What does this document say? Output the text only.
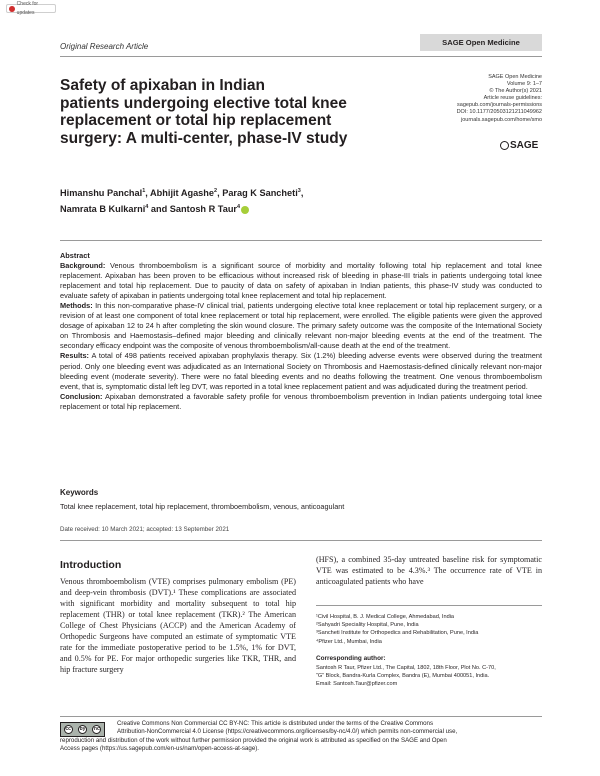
Check for updates
Original Research Article	SAGE Open Medicine
Safety of apixaban in Indian
patients undergoing elective total knee
replacement or total hip replacement
surgery: A multi-center, phase-IV study
SAGE Open Medicine
Volume 9: 1–7
© The Author(s) 2021
Article reuse guidelines:
sagepub.com/journals-permissions
DOI: 10.1177/20503121211049962
journals.sagepub.com/home/smo
SAGE
Himanshu Panchal$^1$, Abhijit Agashe$^2$, Parag K Sancheti$^3$,
Namrata B Kulkarni$^4$ and Santosh R Taur$^4$

Abstract

Background: Venous thromboembolism is a significant source of morbidity and mortality following total hip replacement and total knee replacement. Apixaban has been proven to be efficacious without increased risk of bleeding in phase-III trials in patients undergoing total knee replacement and total hip replacement. Due to paucity of data on safety of apixaban in Indian patients, this phase-IV study was conducted to evaluate safety of apixaban in patients undergoing total knee replacement and total hip replacement.

Methods: In this non-comparative phase-IV clinical trial, patients undergoing elective total knee replacement or total hip replacement surgery, or a revision of at least one component of total knee replacement or total hip replacement, were enrolled. The eligible patients were given the approved dosage of apixaban 12 to 24 h after completing the skin wound closure. The primary safety outcome was the composite of the International Society on Thrombosis and Haemostasis–defined major bleeding and clinically relevant non-major bleeding events at the end of the treatment. The secondary efficacy endpoint was the composite of venous thromboembolism/all-cause death at the end of the treatment.

Results: A total of 498 patients received apixaban prophylaxis therapy. Six (1.2%) bleeding adverse events were observed during the treatment period. Only one bleeding event was adjudicated as an International Society on Thrombosis and Haemostasis-defined clinically relevant non-major bleeding event (moderate severity). There were no fatal bleeding events and no deaths following the treatment. One venous thromboembolism event, that is, symptomatic distal left leg DVT, was reported in a total knee replacement patient and was adjudicated during the treatment period.

Conclusion: Apixaban demonstrated a favorable safety profile for venous thromboembolism prevention in Indian patients undergoing total knee replacement or total hip replacement.

Keywords
Total knee replacement, total hip replacement, thromboembolism, venous, anticoagulant
Date received: 10 March 2021; accepted: 13 September 2021
Introduction
Venous thromboembolism (VTE) comprises pulmonary embolism (PE) and deep-vein thrombosis (DVT).¹ These complications are associated with significant morbidity and mortality subsequent to total hip replacement (THR) or total knee replacement (TKR).² The American College of Chest Physicians (ACCP) and the American Academy of Orthopedic Surgeons have computed an estimate of symptomatic VTE rate for the immediate postoperative period to be 1.5%, 1% for DVT, and 0.5% for PE. For major orthopedic surgeries like TKR, THR, and hip fracture surgery
(HFS), a combined 35-day untreated baseline risk for symptomatic VTE was estimated to be 4.3%.³ The occurrence rate of VTE in anticoagulated patients who have
¹Civil Hospital, B. J. Medical College, Ahmedabad, India
²Sahyadri Speciality Hospital, Pune, India
³Sancheti Institute for Orthopedics and Rehabilitation, Pune, India
⁴Pfizer Ltd., Mumbai, India
Corresponding author:
Santosh R Taur, Pfizer Ltd., The Capital, 1802, 18th Floor, Plot No. C-70,
“G” Block, Bandra-Kurla Complex, Bandra (E), Mumbai 400051, India.
Email: Santosh.Taur@pfizer.com
cc	by	nc
Creative Commons Non Commercial CC BY-NC: This article is distributed under the terms of the Creative Commons
Attribution-NonCommercial 4.0 License (https://creativecommons.org/licenses/by-nc/4.0/) which permits non-commercial use,
reproduction and distribution of the work without further permission provided the original work is attributed as specified on the SAGE and Open
Access pages (https://us.sagepub.com/en-us/nam/open-access-at-sage).
